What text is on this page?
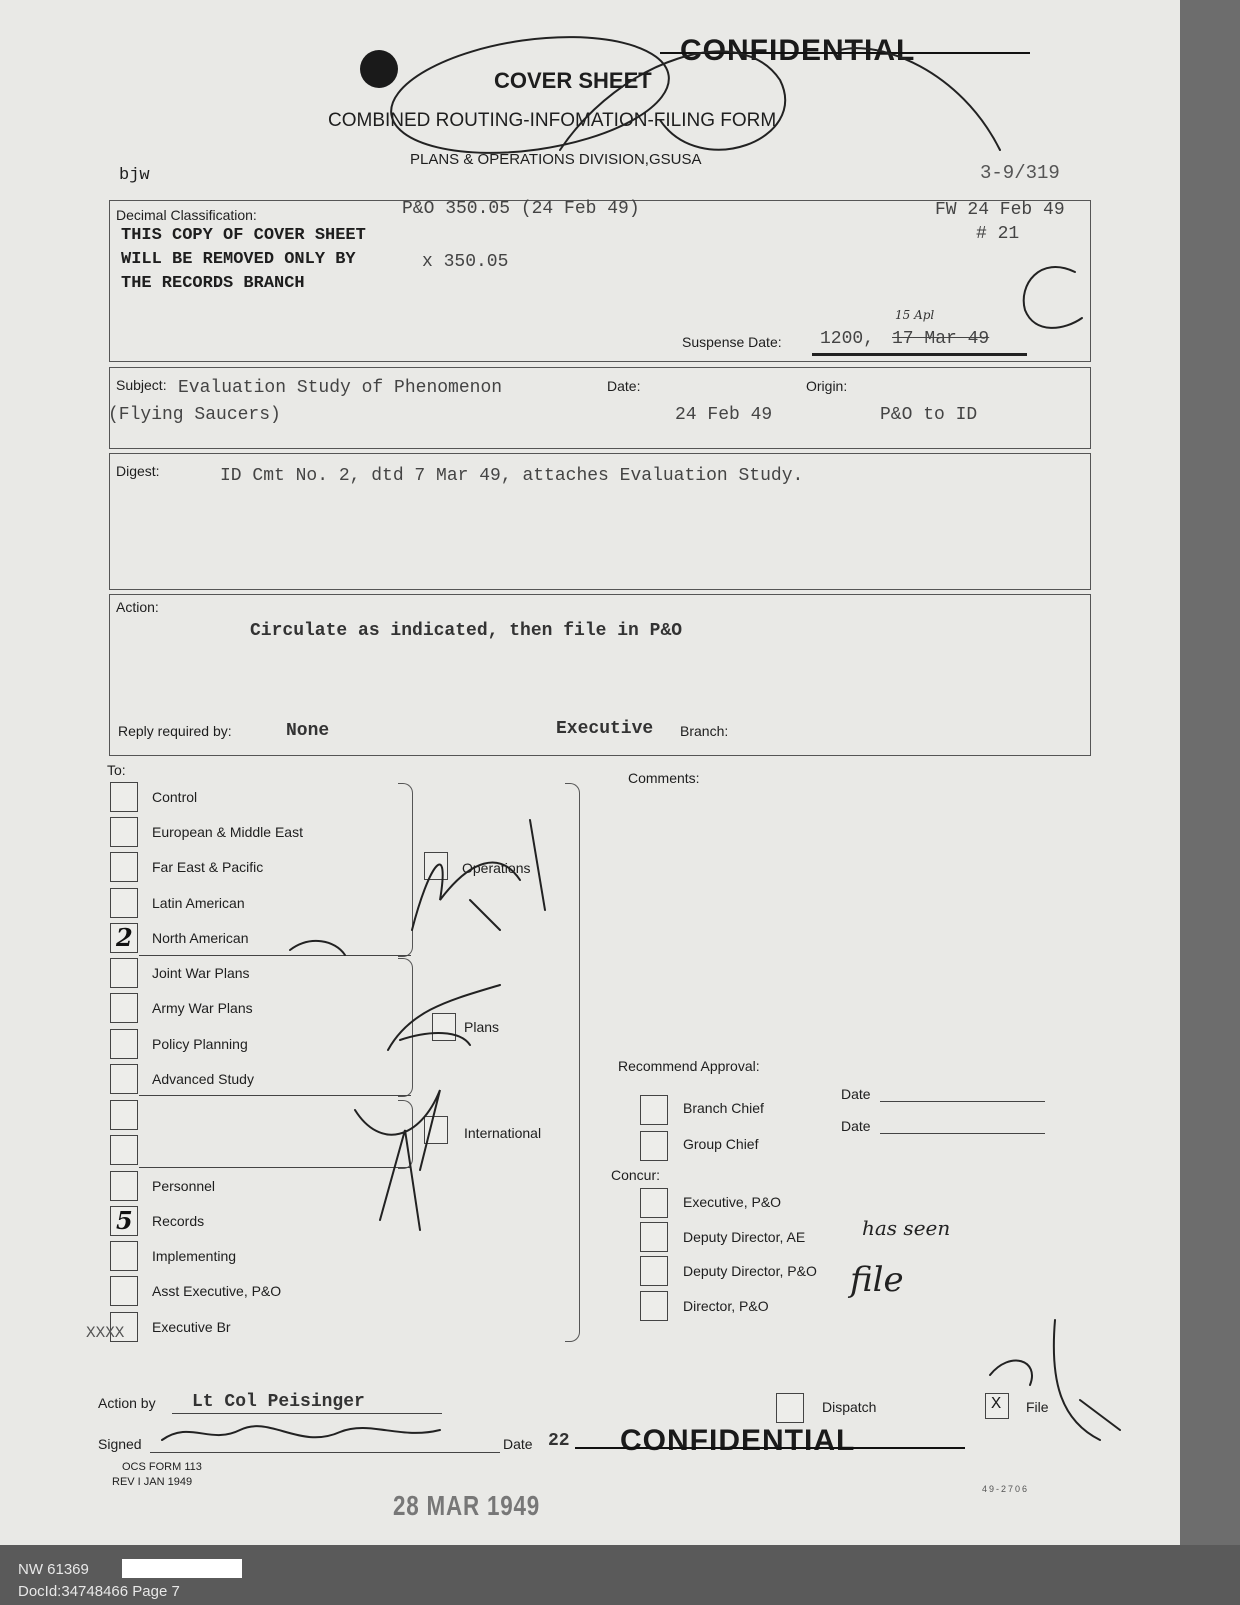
CONFIDENTIAL
COVER SHEET
COMBINED ROUTING-INFOMATION-FILING FORM
PLANS & OPERATIONS DIVISION,GSUSA
bjw	3-9/319
Decimal Classification:	P&O 350.05 (24 Feb 49)	FW 24 Feb 49
# 21
THIS COPY OF COVER SHEET
WILL BE REMOVED ONLY BY
THE RECORDS BRANCH
x 350.05
Suspense Date: 1200, 17 Mar 49
15 Apl
Subject: Evaluation Study of Phenomenon
(Flying Saucers)
Date:
24 Feb 49
Origin:
P&O to ID
Digest:	ID Cmt No. 2, dtd 7 Mar 49, attaches Evaluation Study.
Action:
Circulate as indicated, then file in P&O
Reply required by:	None	Executive Branch:
To:
Control
European & Middle East
Far East & Pacific
Latin American
2 North American
Joint War Plans
Army War Plans
Policy Planning
Advanced Study
Personnel
5 Records
Implementing
Asst Executive, P&O
Executive Br
Operations
Plans
International
XXXX
Comments:
Recommend Approval:
Branch Chief
Group Chief
Date
Date
Concur:
Executive, P&O
Deputy Director, AE
Deputy Director, P&O
Director, P&O
has seen
file
Action by Lt Col Peisinger	Dispatch	X File
Signed	Date 22 CONFIDENTIAL
OCS FORM 113
REV I JAN 1949
28 MAR 1949
49-2706
NW 61369
DocId:34748466 Page 7
